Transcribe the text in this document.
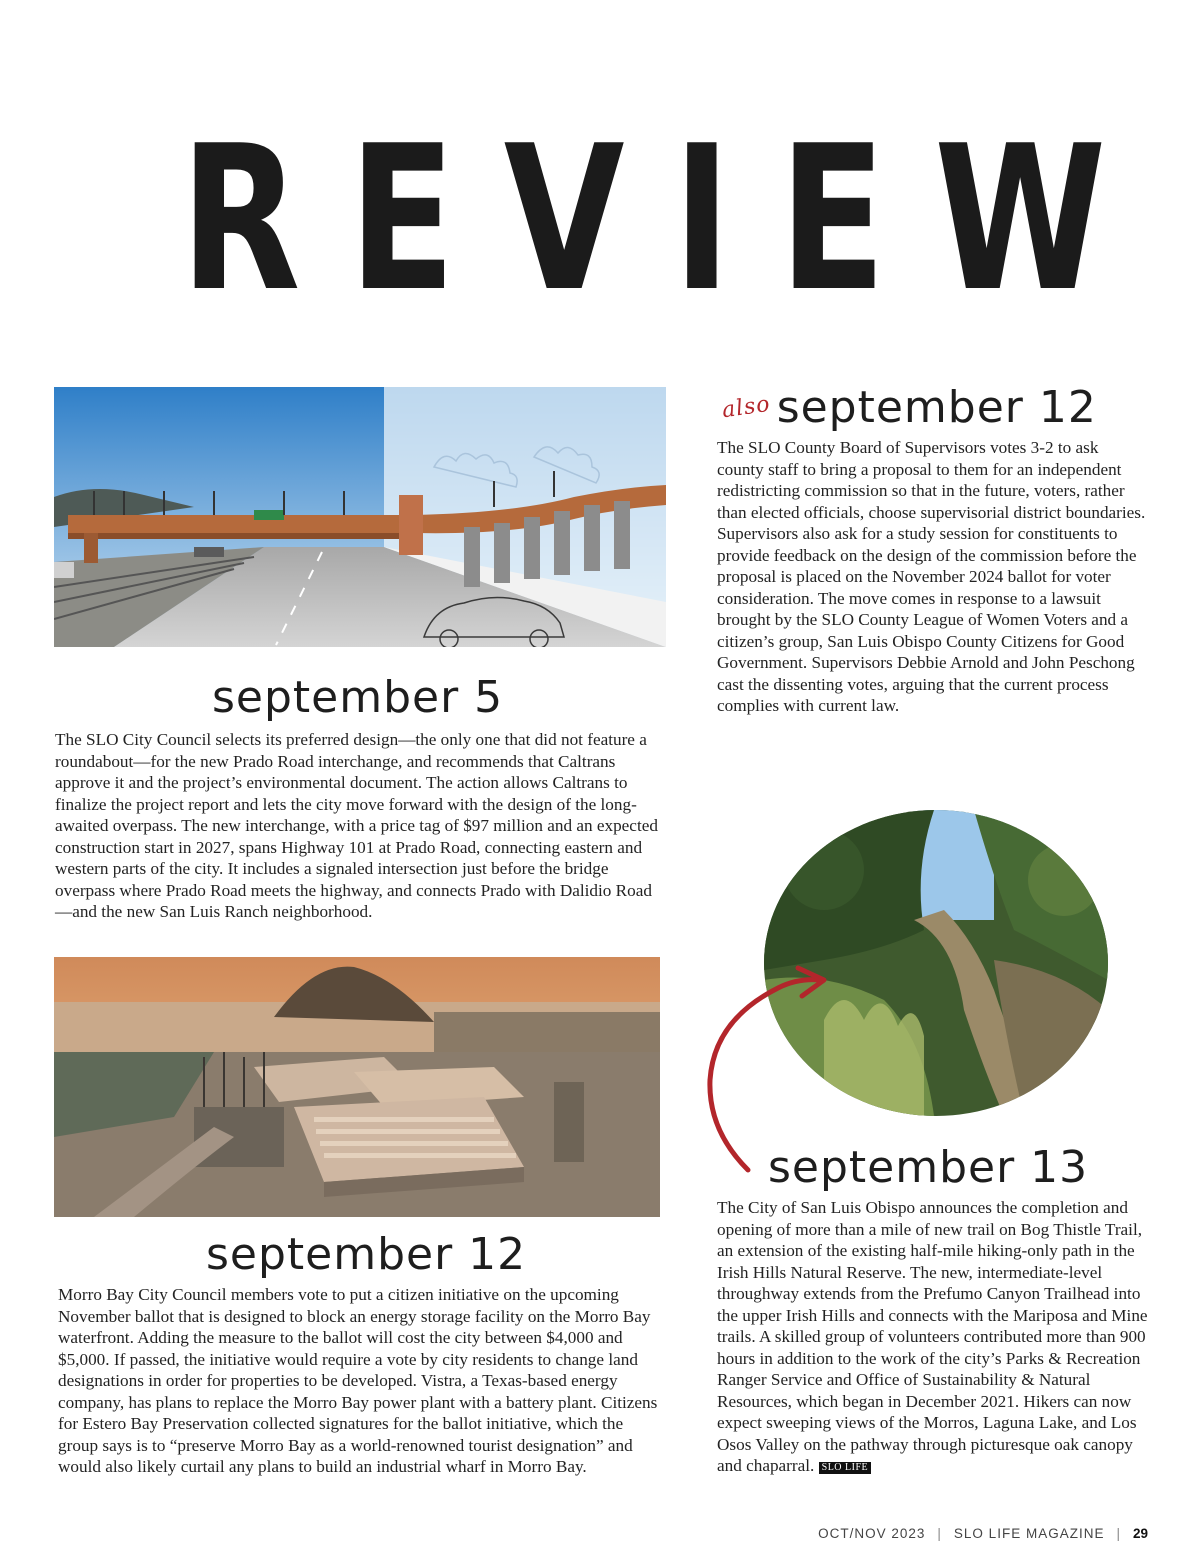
REVIEW
september 5
The SLO City Council selects its preferred design—the only one that did not feature a roundabout—for the new Prado Road interchange, and recommends that Caltrans approve it and the project’s environmental document. The action allows Caltrans to finalize the project report and lets the city move forward with the design of the long-awaited overpass. The new interchange, with a price tag of $97 million and an expected construction start in 2027, spans Highway 101 at Prado Road, connecting eastern and western parts of the city. It includes a signaled intersection just before the bridge overpass where Prado Road meets the highway, and connects Prado with Dalidio Road—and the new San Luis Ranch neighborhood.
also september 12
The SLO County Board of Supervisors votes 3-2 to ask county staff to bring a proposal to them for an independent redistricting commission so that in the future, voters, rather than elected officials, choose supervisorial district boundaries. Supervisors also ask for a study session for constituents to provide feedback on the design of the commission before the proposal is placed on the November 2024 ballot for voter consideration. The move comes in response to a lawsuit brought by the SLO County League of Women Voters and a citizen’s group, San Luis Obispo County Citizens for Good Government. Supervisors Debbie Arnold and John Peschong cast the dissenting votes, arguing that the current process complies with current law.
september 13
The City of San Luis Obispo announces the completion and opening of more than a mile of new trail on Bog Thistle Trail, an extension of the existing half-mile hiking-only path in the Irish Hills Natural Reserve. The new, intermediate-level throughway extends from the Prefumo Canyon Trailhead into the upper Irish Hills and connects with the Mariposa and Mine trails. A skilled group of volunteers contributed more than 900 hours in addition to the work of the city’s Parks & Recreation Ranger Service and Office of Sustainability & Natural Resources, which began in December 2021. Hikers can now expect sweeping views of the Morros, Laguna Lake, and Los Osos Valley on the pathway through picturesque oak canopy and chaparral. SLO LIFE
september 12
Morro Bay City Council members vote to put a citizen initiative on the upcoming November ballot that is designed to block an energy storage facility on the Morro Bay waterfront. Adding the measure to the ballot will cost the city between $4,000 and $5,000. If passed, the initiative would require a vote by city residents to change land designations in order for properties to be developed. Vistra, a Texas-based energy company, has plans to replace the Morro Bay power plant with a battery plant. Citizens for Estero Bay Preservation collected signatures for the ballot initiative, which the group says is to “preserve Morro Bay as a world-renowned tourist designation” and would also likely curtail any plans to build an industrial wharf in Morro Bay.
OCT/NOV 2023 | SLO LIFE MAGAZINE | 29
